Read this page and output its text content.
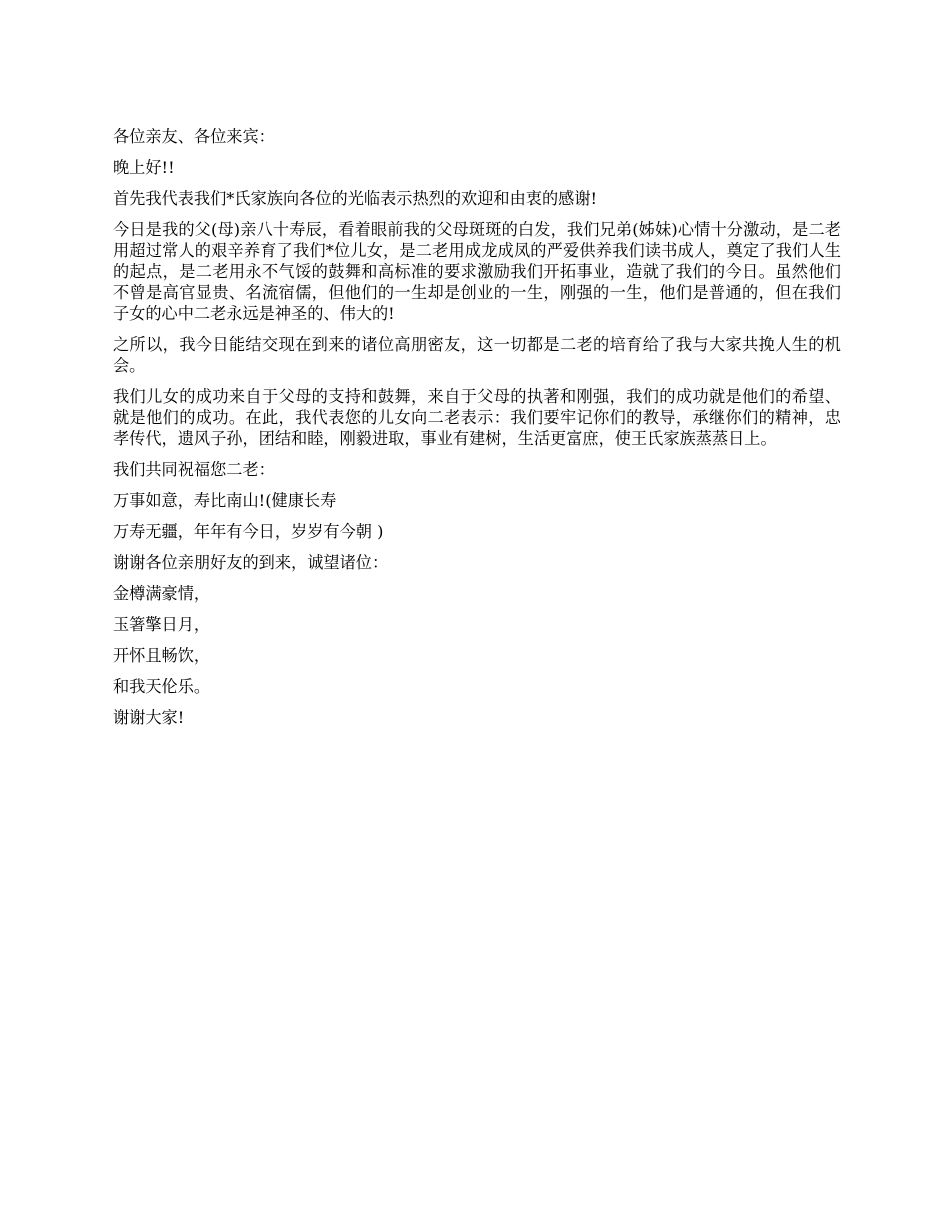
各位亲友、各位来宾：

晚上好!!

首先我代表我们*氏家族向各位的光临表示热烈的欢迎和由衷的感谢!

今日是我的父(母)亲八十寿辰，看着眼前我的父母斑斑的白发，我们兄弟(姊妹)心情十分激动，是二老用超过常人的艰辛养育了我们*位儿女，是二老用成龙成凤的严爱供养我们读书成人，奠定了我们人生的起点，是二老用永不气馁的鼓舞和高标准的要求激励我们开拓事业，造就了我们的今日。虽然他们不曾是高官显贵、名流宿儒，但他们的一生却是创业的一生，刚强的一生，他们是普通的，但在我们子女的心中二老永远是神圣的、伟大的!

之所以，我今日能结交现在到来的诸位高朋密友，这一切都是二老的培育给了我与大家共挽人生的机会。

我们儿女的成功来自于父母的支持和鼓舞，来自于父母的执著和刚强，我们的成功就是他们的希望、就是他们的成功。在此，我代表您的儿女向二老表示：我们要牢记你们的教导，承继你们的精神，忠孝传代，遗风子孙，团结和睦，刚毅进取，事业有建树，生活更富庶，使王氏家族蒸蒸日上。

我们共同祝福您二老：

万事如意，寿比南山!(健康长寿

万寿无疆，年年有今日，岁岁有今朝 )

谢谢各位亲朋好友的到来，诚望诸位：

金樽满豪情，

玉箸擎日月，

开怀且畅饮，

和我天伦乐。

谢谢大家!
